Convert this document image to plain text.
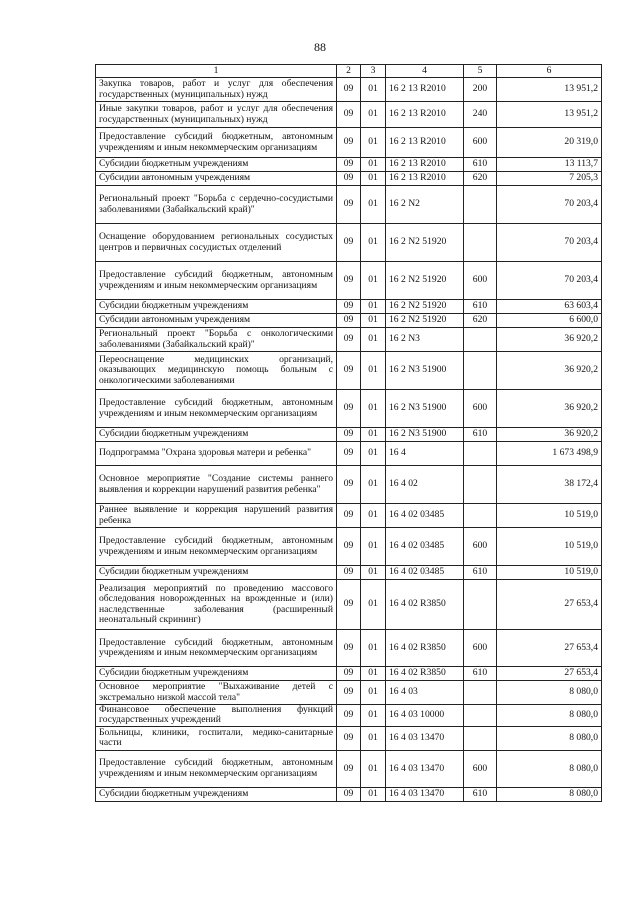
88
1	2	3	4	5	6
Закупка товаров, работ и услуг для обеспечения государственных (муниципальных) нужд	09	01	16 2 13 R2010	200	13 951,2
Иные закупки товаров, работ и услуг для обеспечения государственных (муниципальных) нужд	09	01	16 2 13 R2010	240	13 951,2
Предоставление субсидий бюджетным, автономным учреждениям и иным некоммерческим организациям	09	01	16 2 13 R2010	600	20 319,0
Субсидии бюджетным учреждениям	09	01	16 2 13 R2010	610	13 113,7
Субсидии автономным учреждениям	09	01	16 2 13 R2010	620	7 205,3
Региональный проект "Борьба с сердечно-сосудистыми заболеваниями (Забайкальский край)"	09	01	16 2 N2		70 203,4
Оснащение оборудованием региональных сосудистых центров и первичных сосудистых отделений	09	01	16 2 N2 51920		70 203,4
Предоставление субсидий бюджетным, автономным учреждениям и иным некоммерческим организациям	09	01	16 2 N2 51920	600	70 203,4
Субсидии бюджетным учреждениям	09	01	16 2 N2 51920	610	63 603,4
Субсидии автономным учреждениям	09	01	16 2 N2 51920	620	6 600,0
Региональный проект "Борьба с онкологическими заболеваниями (Забайкальский край)"	09	01	16 2 N3		36 920,2
Переоснащение медицинских организаций, оказывающих медицинскую помощь больным с онкологическими заболеваниями	09	01	16 2 N3 51900		36 920,2
Предоставление субсидий бюджетным, автономным учреждениям и иным некоммерческим организациям	09	01	16 2 N3 51900	600	36 920,2
Субсидии бюджетным учреждениям	09	01	16 2 N3 51900	610	36 920,2
Подпрограмма "Охрана здоровья матери и ребенка"	09	01	16 4		1 673 498,9
Основное мероприятие "Создание системы раннего выявления и коррекции нарушений развития ребенка"	09	01	16 4 02		38 172,4
Раннее выявление и коррекция нарушений развития ребенка	09	01	16 4 02 03485		10 519,0
Предоставление субсидий бюджетным, автономным учреждениям и иным некоммерческим организациям	09	01	16 4 02 03485	600	10 519,0
Субсидии бюджетным учреждениям	09	01	16 4 02 03485	610	10 519,0
Реализация мероприятий по проведению массового обследования новорожденных на врожденные и (или) наследственные заболевания (расширенный неонатальный скрининг)	09	01	16 4 02 R3850		27 653,4
Предоставление субсидий бюджетным, автономным учреждениям и иным некоммерческим организациям	09	01	16 4 02 R3850	600	27 653,4
Субсидии бюджетным учреждениям	09	01	16 4 02 R3850	610	27 653,4
Основное мероприятие "Выхаживание детей с экстремально низкой массой тела"	09	01	16 4 03		8 080,0
Финансовое обеспечение выполнения функций государственных учреждений	09	01	16 4 03 10000		8 080,0
Больницы, клиники, госпитали, медико-санитарные части	09	01	16 4 03 13470		8 080,0
Предоставление субсидий бюджетным, автономным учреждениям и иным некоммерческим организациям	09	01	16 4 03 13470	600	8 080,0
Субсидии бюджетным учреждениям	09	01	16 4 03 13470	610	8 080,0
